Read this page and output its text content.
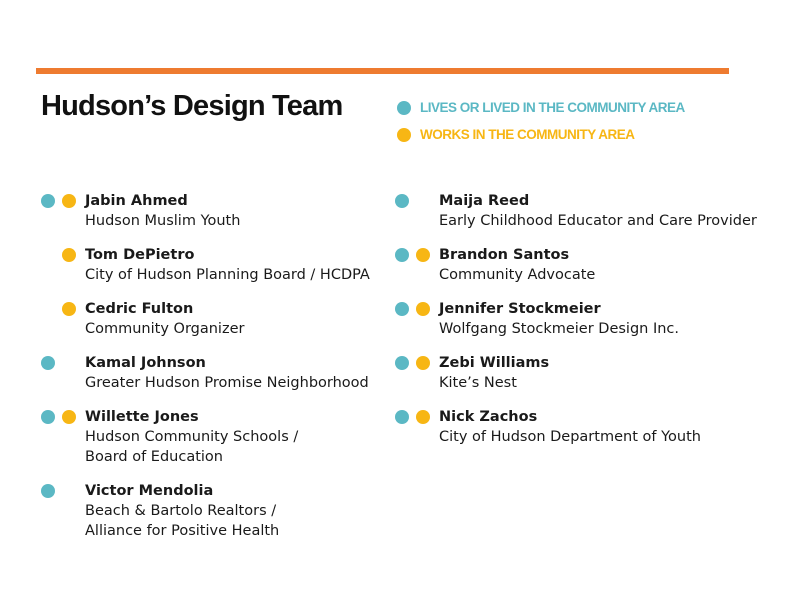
Hudson’s Design Team	LIVES OR LIVED IN THE COMMUNITY AREA
WORKS IN THE COMMUNITY AREA
Jabin Ahmed
Hudson Muslim Youth
Tom DePietro
City of Hudson Planning Board / HCDPA
Cedric Fulton
Community Organizer
Kamal Johnson
Greater Hudson Promise Neighborhood
Willette Jones
Hudson Community Schools /
Board of Education
Victor Mendolia
Beach & Bartolo Realtors /
Alliance for Positive Health
Maija Reed
Early Childhood Educator and Care Provider
Brandon Santos
Community Advocate
Jennifer Stockmeier
Wolfgang Stockmeier Design Inc.
Zebi Williams
Kite’s Nest
Nick Zachos
City of Hudson Department of Youth
